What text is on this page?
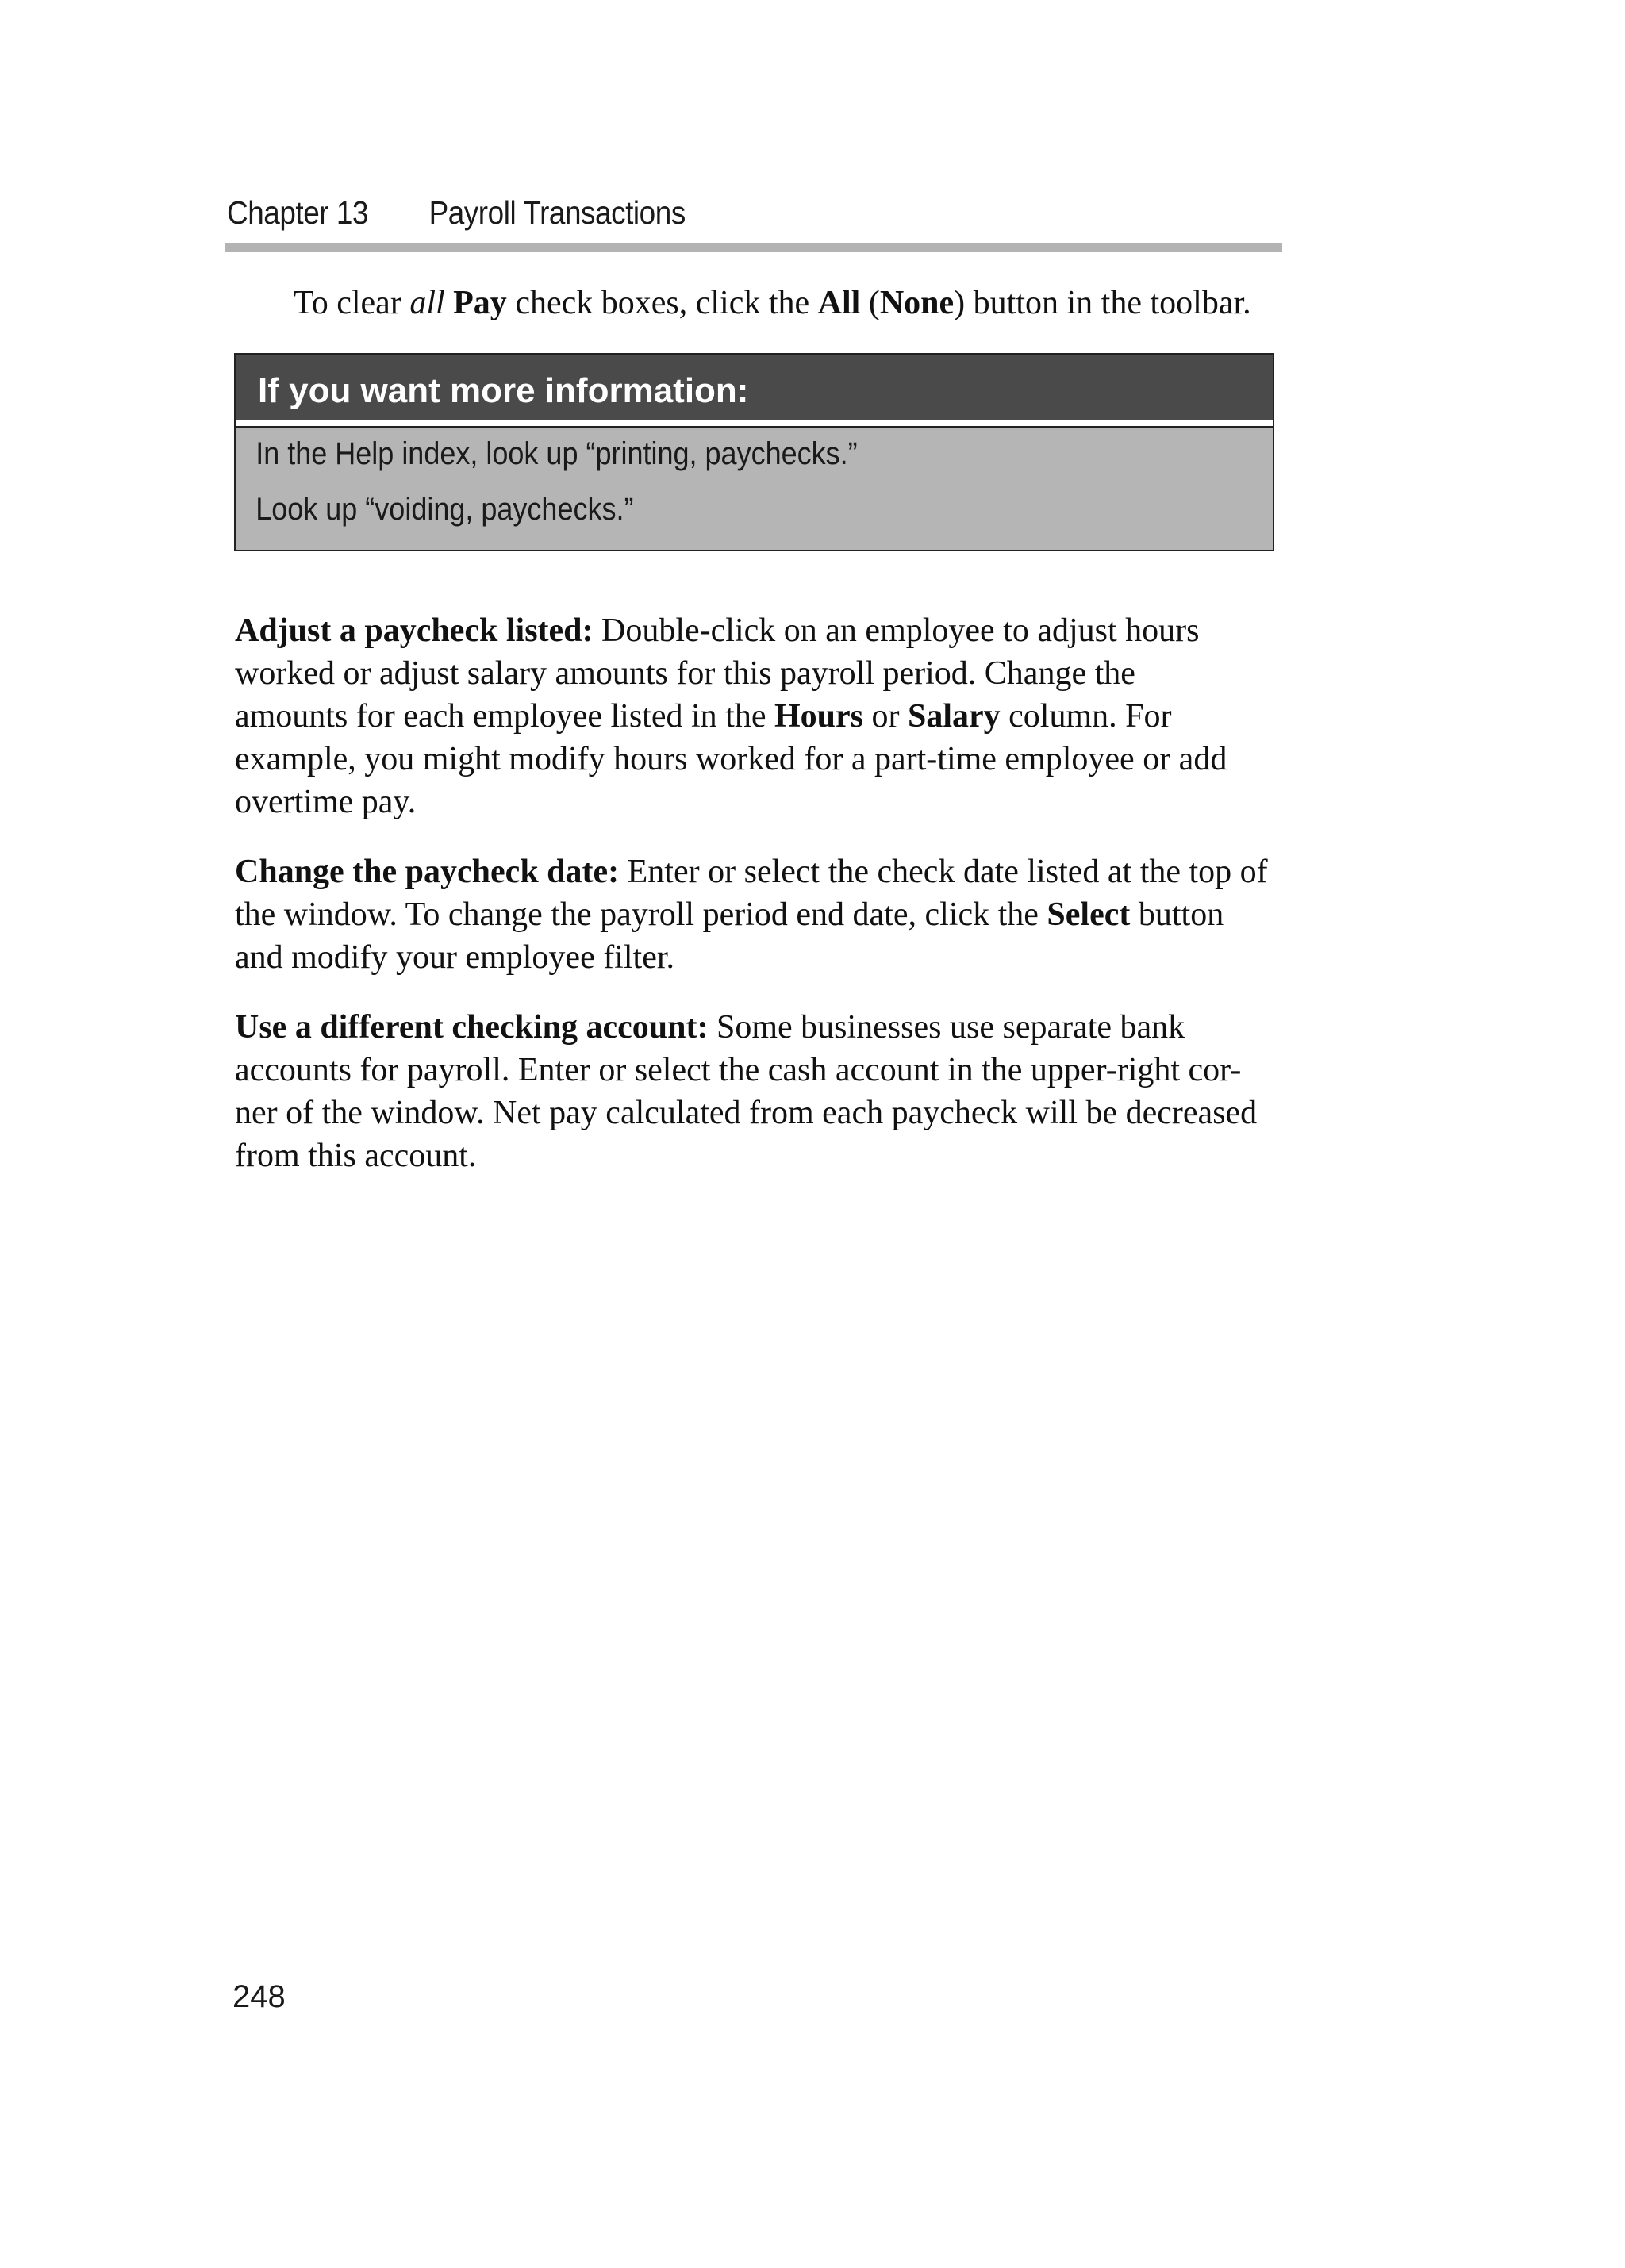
Chapter 13 Payroll Transactions
To clear all Pay check boxes, click the All (None) button in the toolbar.
If you want more information:
In the Help index, look up “printing, paychecks.”
Look up “voiding, paychecks.”
Adjust a paycheck listed: Double-click on an employee to adjust hours
worked or adjust salary amounts for this payroll period. Change the
amounts for each employee listed in the Hours or Salary column. For
example, you might modify hours worked for a part-time employee or add
overtime pay.
Change the paycheck date: Enter or select the check date listed at the top of
the window. To change the payroll period end date, click the Select button
and modify your employee filter.
Use a different checking account: Some businesses use separate bank
accounts for payroll. Enter or select the cash account in the upper-right cor-
ner of the window. Net pay calculated from each paycheck will be decreased
from this account.
248
